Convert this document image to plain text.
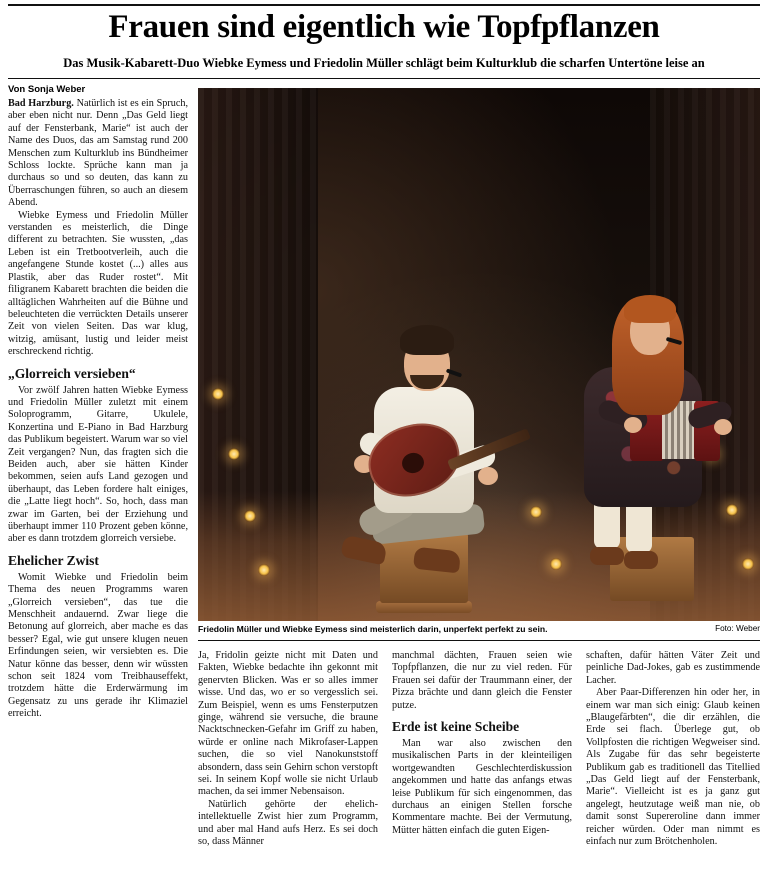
Frauen sind eigentlich wie Topfpflanzen
Das Musik-Kabarett-Duo Wiebke Eymess und Friedolin Müller schlägt beim Kulturklub die scharfen Untertöne leise an
Von Sonja Weber
Friedolin Müller und Wiebke Eymess sind meisterlich darin, unperfekt perfekt zu sein.	Foto: Weber

Bad Harzburg. Natürlich ist es ein Spruch, aber eben nicht nur. Denn „Das Geld liegt auf der Fensterbank, Marie“ ist auch der Name des Duos, das am Samstag rund 200 Menschen zum Kulturklub ins Bündheimer Schloss lockte. Sprüche kann man ja durchaus so und so deuten, das kann zu Überraschungen führen, so auch an diesem Abend.

Wiebke Eymess und Friedolin Müller verstanden es meisterlich, die Dinge different zu betrachten. Sie wussten, „das Leben ist ein Tretbootverleih, auch die angefangene Stunde kostet (...) alles aus Plastik, aber das Ruder rostet“. Mit filigranem Kabarett brachten die beiden die alltäglichen Wahrheiten auf die Bühne und beleuchteten die verrückten Details unserer Zeit von vielen Seiten. Das war klug, witzig, amüsant, lustig und leider meist erschreckend richtig.

„Glorreich versieben“

Vor zwölf Jahren hatten Wiebke Eymess und Friedolin Müller zuletzt mit einem Soloprogramm, Gitarre, Ukulele, Konzertina und E-Piano in Bad Harzburg das Publikum begeistert. Warum war so viel Zeit vergangen? Nun, das fragten sich die Beiden auch, aber sie hätten Kinder bekommen, seien aufs Land gezogen und überhaupt, das Leben fordere halt einiges, die „Latte liegt hoch“. So, hoch, dass man zwar im Garten, bei der Erziehung und überhaupt immer 110 Prozent geben könne, aber es dann trotzdem glorreich versiebe.

Ehelicher Zwist

Womit Wiebke und Friedolin beim Thema des neuen Programms waren „Glorreich versieben“, das tue die Menschheit andauernd. Zwar liege die Betonung auf glorreich, aber mache es das besser? Egal, wie gut unsere klugen neuen Erfindungen seien, wir versiebten es. Die Natur könne das besser, denn wir wüssten schon seit 1824 vom Treibhauseffekt, trotzdem hätte die Erderwärmung im Gegensatz zu uns gerade ihr Klimaziel erreicht.

Ja, Fridolin geizte nicht mit Daten und Fakten, Wiebke bedachte ihn gekonnt mit genervten Blicken. Was er so alles immer wisse. Und das, wo er so vergesslich sei. Zum Beispiel, wenn es ums Fensterputzen ginge, während sie versuche, die braune Nacktschnecken-Gefahr im Griff zu haben, würde er online nach Mikrofaser-Lappen suchen, die so viel Nanokunststoff absondern, dass sein Gehirn schon verstopft sei. In seinem Kopf wolle sie nicht Urlaub machen, da sei immer Nebensaison.

Natürlich gehörte der ehelich-intellektuelle Zwist hier zum Programm, und aber mal Hand aufs Herz. Es sei doch so, dass Männer

manchmal dächten, Frauen seien wie Topfpflanzen, die nur zu viel reden. Für Frauen sei dafür der Traummann einer, der Pizza brächte und dann gleich die Fenster putze.

Erde ist keine Scheibe

Man war also zwischen den musikalischen Parts in der kleinteiligen wortgewandten Geschlechterdiskussion angekommen und hatte das anfangs etwas leise Publikum für sich eingenommen, das durchaus an einigen Stellen forsche Kommentare machte. Bei der Vermutung, Mütter hätten einfach die guten Eigen-

schaften, dafür hätten Väter Zeit und peinliche Dad-Jokes, gab es zustimmende Lacher.

Aber Paar-Differenzen hin oder her, in einem war man sich einig: Glaub keinen „Blaugefärbten“, die dir erzählen, die Erde sei flach. Überlege gut, ob Vollpfosten die richtigen Wegweiser sind. Als Zugabe für das sehr begeisterte Publikum gab es traditionell das Titellied „Das Geld liegt auf der Fensterbank, Marie“. Vielleicht ist es ja ganz gut angelegt, heutzutage weiß man nie, ob damit sonst Supereroline dann immer reicher würden. Oder man nimmt es einfach nur zum Brötchenholen.
